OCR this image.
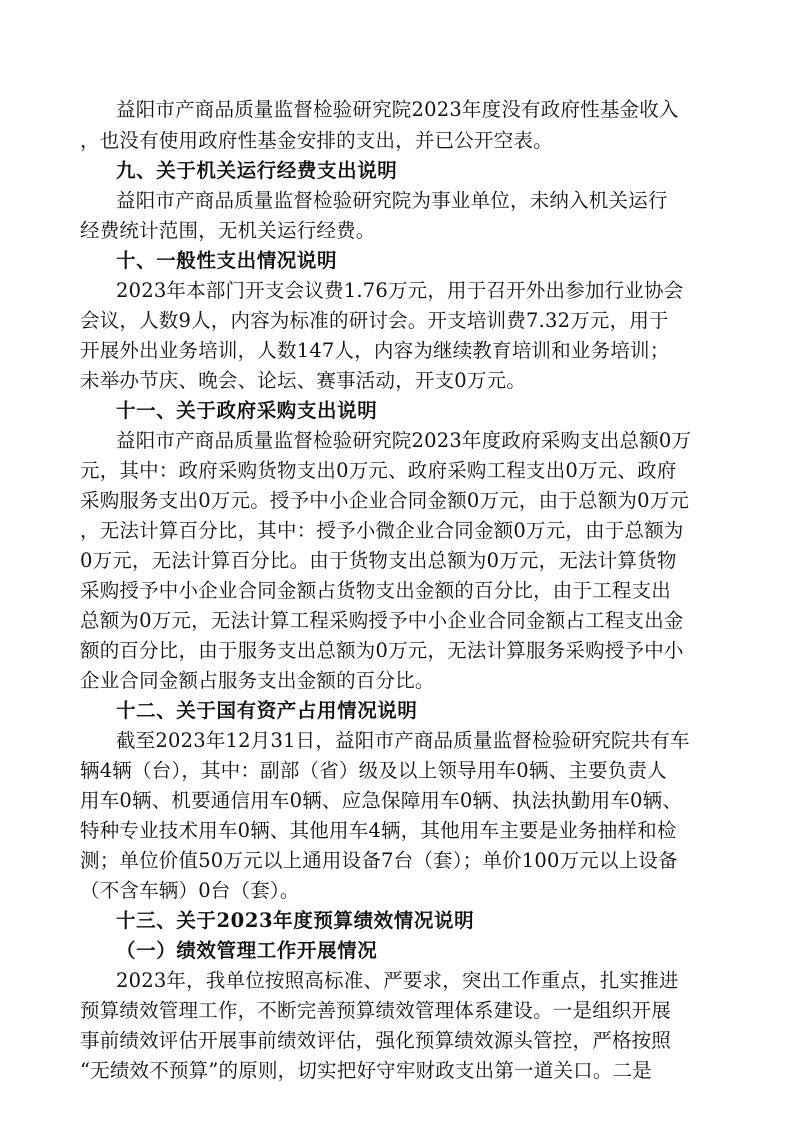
益阳市产商品质量监督检验研究院2023年度没有政府性基金收入
，也没有使用政府性基金安排的支出，并已公开空表。
九、关于机关运行经费支出说明
益阳市产商品质量监督检验研究院为事业单位，未纳入机关运行
经费统计范围，无机关运行经费。
十、一般性支出情况说明
2023年本部门开支会议费1.76万元，用于召开外出参加行业协会
会议，人数9人，内容为标准的研讨会。开支培训费7.32万元，用于
开展外出业务培训，人数147人，内容为继续教育培训和业务培训；
未举办节庆、晚会、论坛、赛事活动，开支0万元。
十一、关于政府采购支出说明
益阳市产商品质量监督检验研究院2023年度政府采购支出总额0万
元，其中：政府采购货物支出0万元、政府采购工程支出0万元、政府
采购服务支出0万元。授予中小企业合同金额0万元，由于总额为0万元
，无法计算百分比，其中：授予小微企业合同金额0万元，由于总额为
0万元，无法计算百分比。由于货物支出总额为0万元，无法计算货物
采购授予中小企业合同金额占货物支出金额的百分比，由于工程支出
总额为0万元，无法计算工程采购授予中小企业合同金额占工程支出金
额的百分比，由于服务支出总额为0万元，无法计算服务采购授予中小
企业合同金额占服务支出金额的百分比。
十二、关于国有资产占用情况说明
截至2023年12月31日，益阳市产商品质量监督检验研究院共有车
辆4辆（台），其中：副部（省）级及以上领导用车0辆、主要负责人
用车0辆、机要通信用车0辆、应急保障用车0辆、执法执勤用车0辆、
特种专业技术用车0辆、其他用车4辆，其他用车主要是业务抽样和检
测；单位价值50万元以上通用设备7台（套）；单价100万元以上设备
（不含车辆）0台（套）。
十三、关于2023年度预算绩效情况说明
（一）绩效管理工作开展情况
2023年，我单位按照高标准、严要求，突出工作重点，扎实推进
预算绩效管理工作，不断完善预算绩效管理体系建设。一是组织开展
事前绩效评估开展事前绩效评估，强化预算绩效源头管控，严格按照
“无绩效不预算”的原则，切实把好守牢财政支出第一道关口。二是
